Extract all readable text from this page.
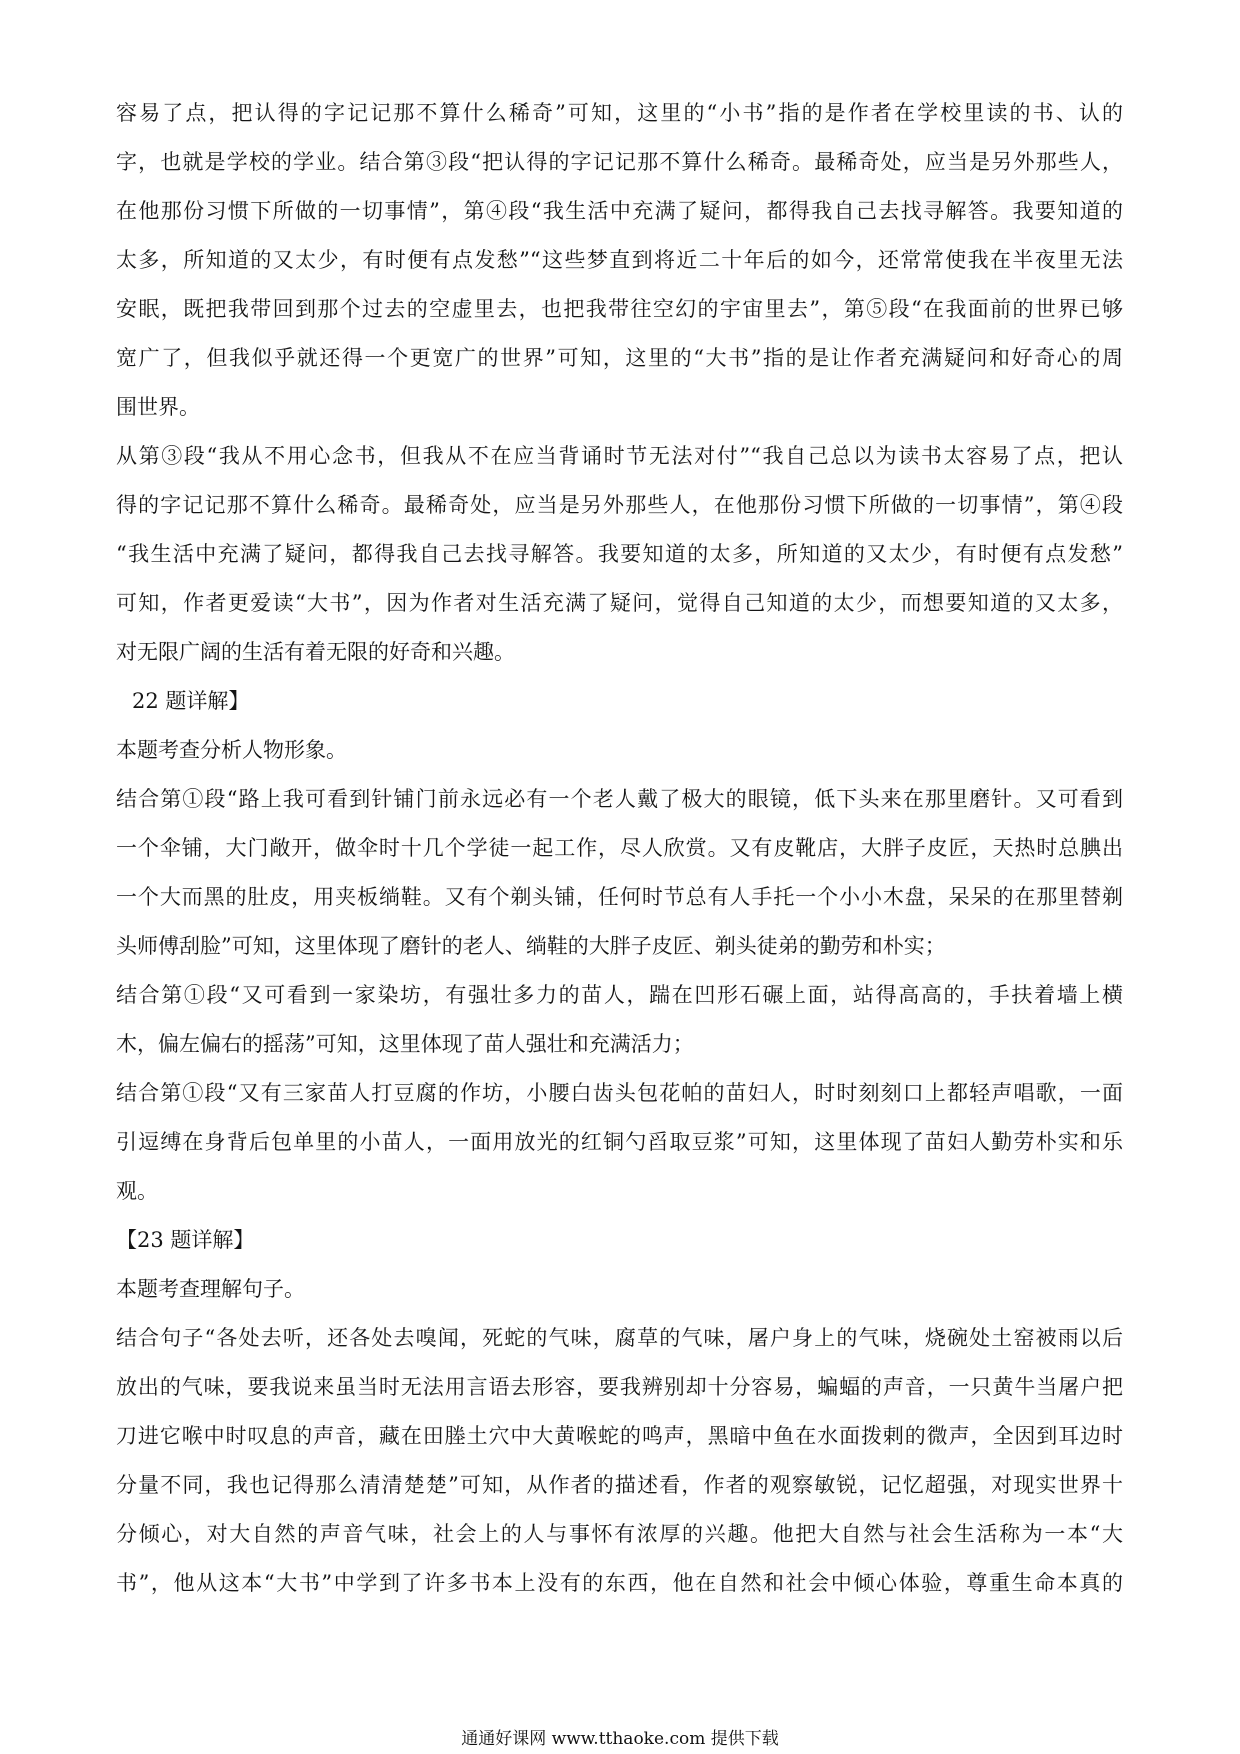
容易了点，把认得的字记记那不算什么稀奇”可知，这里的“小书”指的是作者在学校里读的书、认的
字，也就是学校的学业。结合第③段“把认得的字记记那不算什么稀奇。最稀奇处，应当是另外那些人，
在他那份习惯下所做的一切事情”，第④段“我生活中充满了疑问，都得我自己去找寻解答。我要知道的
太多，所知道的又太少，有时便有点发愁”“这些梦直到将近二十年后的如今，还常常使我在半夜里无法
安眠，既把我带回到那个过去的空虚里去，也把我带往空幻的宇宙里去”，第⑤段“在我面前的世界已够
宽广了，但我似乎就还得一个更宽广的世界”可知，这里的“大书”指的是让作者充满疑问和好奇心的周
围世界。
从第③段“我从不用心念书，但我从不在应当背诵时节无法对付”“我自己总以为读书太容易了点，把认
得的字记记那不算什么稀奇。最稀奇处，应当是另外那些人，在他那份习惯下所做的一切事情”，第④段
“我生活中充满了疑问，都得我自己去找寻解答。我要知道的太多，所知道的又太少，有时便有点发愁”
可知，作者更爱读“大书”，因为作者对生活充满了疑问，觉得自己知道的太少，而想要知道的又太多，
对无限广阔的生活有着无限的好奇和兴趣。
22 题详解】
本题考查分析人物形象。
结合第①段“路上我可看到针铺门前永远必有一个老人戴了极大的眼镜，低下头来在那里磨针。又可看到
一个伞铺，大门敞开，做伞时十几个学徒一起工作，尽人欣赏。又有皮靴店，大胖子皮匠，天热时总腆出
一个大而黑的肚皮，用夹板绱鞋。又有个剃头铺，任何时节总有人手托一个小小木盘，呆呆的在那里替剃
头师傅刮脸”可知，这里体现了磨针的老人、绱鞋的大胖子皮匠、剃头徒弟的勤劳和朴实；
结合第①段“又可看到一家染坊，有强壮多力的苗人，踹在凹形石碾上面，站得高高的，手扶着墙上横
木，偏左偏右的摇荡”可知，这里体现了苗人强壮和充满活力；
结合第①段“又有三家苗人打豆腐的作坊，小腰白齿头包花帕的苗妇人，时时刻刻口上都轻声唱歌，一面
引逗缚在身背后包单里的小苗人，一面用放光的红铜勺舀取豆浆”可知，这里体现了苗妇人勤劳朴实和乐
观。
【23 题详解】
本题考查理解句子。
结合句子“各处去听，还各处去嗅闻，死蛇的气味，腐草的气味，屠户身上的气味，烧碗处土窑被雨以后
放出的气味，要我说来虽当时无法用言语去形容，要我辨别却十分容易，蝙蝠的声音，一只黄牛当屠户把
刀进它喉中时叹息的声音，藏在田塍土穴中大黄喉蛇的鸣声，黑暗中鱼在水面拨剌的微声，全因到耳边时
分量不同，我也记得那么清清楚楚”可知，从作者的描述看，作者的观察敏锐，记忆超强，对现实世界十
分倾心，对大自然的声音气味，社会上的人与事怀有浓厚的兴趣。他把大自然与社会生活称为一本“大
书”，他从这本“大书”中学到了许多书本上没有的东西，他在自然和社会中倾心体验，尊重生命本真的
通通好课网 www.tthaoke.com 提供下载
